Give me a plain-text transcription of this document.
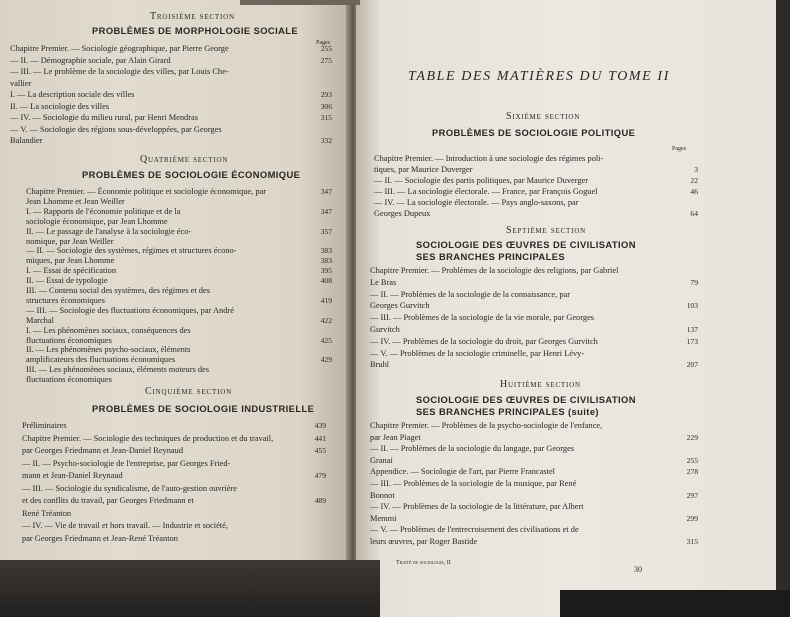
Troisième section
PROBLÈMES DE MORPHOLOGIE SOCIALE
Pages
Chapitre Premier. — Sociologie géographique, par Pierre George	255
— II. — Démographie sociale, par Alain Girard	275
— III. — Le problème de la sociologie des villes, par Louis Che-
vallier
I. — La description sociale des villes	293
II. — La sociologie des villes	306
— IV. — Sociologie du milieu rural, par Henri Mendras	315
— V. — Sociologie des régions sous-développées, par Georges
Balandier	332
Quatrième section
PROBLÈMES DE SOCIOLOGIE ÉCONOMIQUE
Chapitre Premier. — Économie politique et sociologie économique, par	347
Jean Lhomme et Jean Weiller
I. — Rapports de l'économie politique et de la	347
sociologie économique, par Jean Lhomme
II. — Le passage de l'analyse à la sociologie éco-	357
nomique, par Jean Weiller
— II. — Sociologie des systèmes, régimes et structures écono-	383
miques, par Jean Lhomme	383
I. — Essai de spécification	395
II. — Essai de typologie	408
III. — Contenu social des systèmes, des régimes et des
structures économiques	419
— III. — Sociologie des fluctuations économiques, par André
Marchal	422
I. — Les phénomènes sociaux, conséquences des
fluctuations économiques	425
II. — Les phénomènes psycho-sociaux, éléments
amplificateurs des fluctuations économiques	429
III. — Les phénomènes sociaux, éléments moteurs des
fluctuations économiques
Cinquième section
PROBLÈMES DE SOCIOLOGIE INDUSTRIELLE
Préliminaires	439
Chapitre Premier. — Sociologie des techniques de production et du travail,	441
par Georges Friedmann et Jean-Daniel Reynaud	455
— II. — Psycho-sociologie de l'entreprise, par Georges Fried-
mann et Jean-Daniel Reynaud	479
— III. — Sociologie du syndicalisme, de l'auto-gestion ouvrière
et des conflits du travail, par Georges Friedmann et	489
René Tréanton
— IV. — Vie de travail et hors travail. — Industrie et société,
par Georges Friedmann et Jean-René Tréanton
TABLE DES MATIÈRES DU TOME II
Sixième section
PROBLÈMES DE SOCIOLOGIE POLITIQUE
Pages
Chapitre Premier. — Introduction à une sociologie des régimes poli-
tiques, par Maurice Duverger	3
— II. — Sociologie des partis politiques, par Maurice Duverger	22
— III. — La sociologie électorale. — France, par François Goguel	46
— IV. — La sociologie électorale. — Pays anglo-saxons, par
Georges Dupeux	64
Septième section
SOCIOLOGIE DES ŒUVRES DE CIVILISATION
SES BRANCHES PRINCIPALES
Chapitre Premier. — Problèmes de la sociologie des religions, par Gabriel
Le Bras	79
— II. — Problèmes de la sociologie de la connaissance, par
Georges Gurvitch	103
— III. — Problèmes de la sociologie de la vie morale, par Georges
Gurvitch	137
— IV. — Problèmes de la sociologie du droit, par Georges Gurvitch	173
— V. — Problèmes de la sociologie criminelle, par Henri Lévy-
Bruhl	207
Huitième section
SOCIOLOGIE DES ŒUVRES DE CIVILISATION
SES BRANCHES PRINCIPALES (suite)
Chapitre Premier. — Problèmes de la psycho-sociologie de l'enfance,
par Jean Piaget	229
— II. — Problèmes de la sociologie du langage, par Georges
Granai	255
Appendice. — Sociologie de l'art, par Pierre Francastel	278
— III. — Problèmes de la sociologie de la musique, par René
Bonnot	297
— IV. — Problèmes de la sociologie de la littérature, par Albert
Memmi	299
— V. — Problèmes de l'entrecroisement des civilisations et de
leurs œuvres, par Roger Bastide	315
Traité de sociologie, II
30
